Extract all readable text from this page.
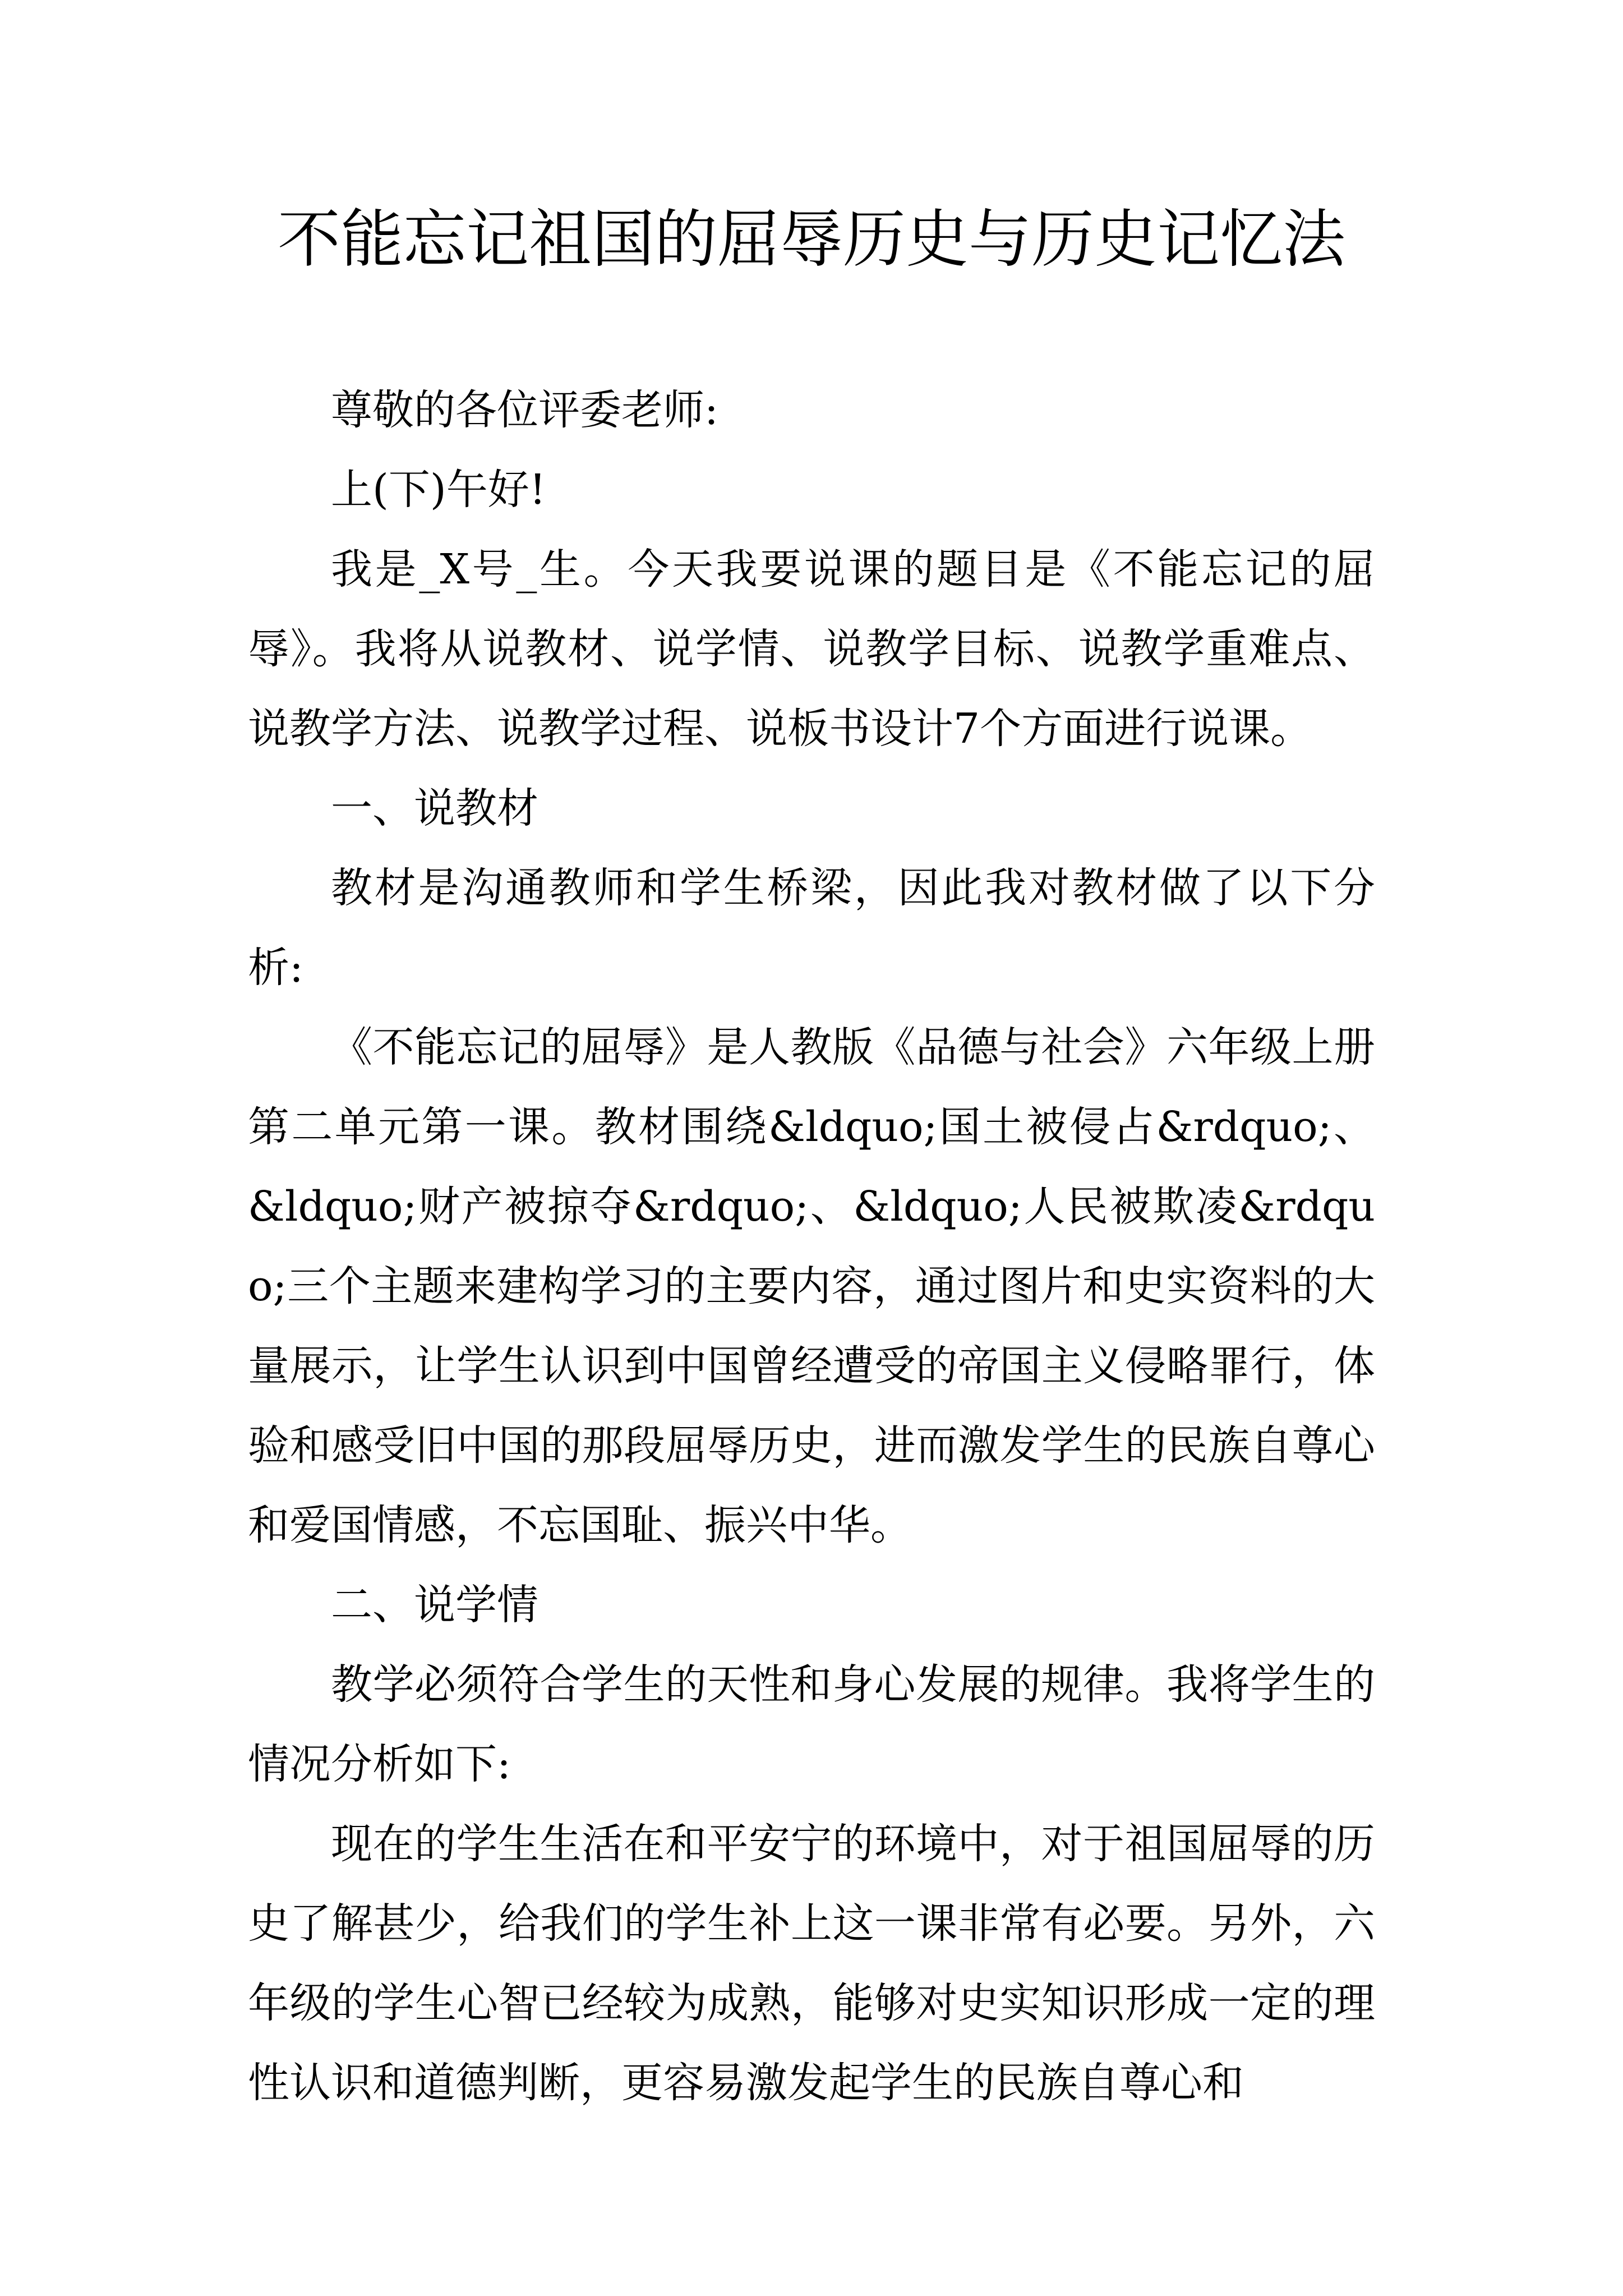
不能忘记祖国的屈辱历史与历史记忆法

尊敬的各位评委老师:

上(下)午好!

我是_X号_生。今天我要说课的题目是《不能忘记的屈辱》。我将从说教材、说学情、说教学目标、说教学重难点、说教学方法、说教学过程、说板书设计7个方面进行说课。

一、说教材

教材是沟通教师和学生桥梁，因此我对教材做了以下分析:

《不能忘记的屈辱》是人教版《品德与社会》六年级上册第二单元第一课。教材围绕&ldquo;国土被侵占&rdquo;、&ldquo;财产被掠夺&rdquo;、&ldquo;人民被欺凌&rdquo;三个主题来建构学习的主要内容，通过图片和史实资料的大量展示，让学生认识到中国曾经遭受的帝国主义侵略罪行，体验和感受旧中国的那段屈辱历史，进而激发学生的民族自尊心和爱国情感，不忘国耻、振兴中华。

二、说学情

教学必须符合学生的天性和身心发展的规律。我将学生的情况分析如下:

现在的学生生活在和平安宁的环境中，对于祖国屈辱的历史了解甚少，给我们的学生补上这一课非常有必要。另外，六年级的学生心智已经较为成熟，能够对史实知识形成一定的理性认识和道德判断，更容易激发起学生的民族自尊心和
